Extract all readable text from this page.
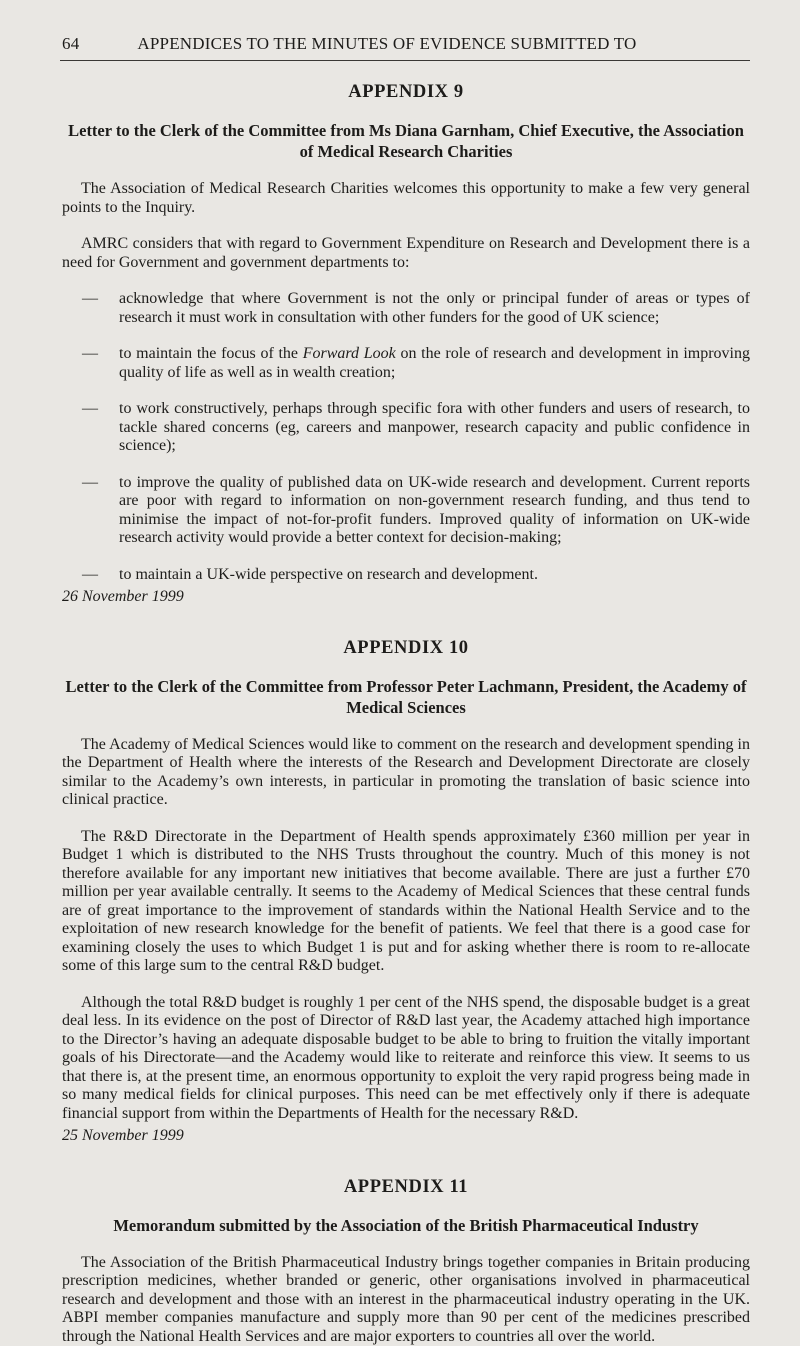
64	APPENDICES TO THE MINUTES OF EVIDENCE SUBMITTED TO
APPENDIX 9
Letter to the Clerk of the Committee from Ms Diana Garnham, Chief Executive, the Association of Medical Research Charities

The Association of Medical Research Charities welcomes this opportunity to make a few very general points to the Inquiry.

AMRC considers that with regard to Government Expenditure on Research and Development there is a need for Government and government departments to:

— acknowledge that where Government is not the only or principal funder of areas or types of research it must work in consultation with other funders for the good of UK science;
— to maintain the focus of the Forward Look on the role of research and development in improving quality of life as well as in wealth creation;
— to work constructively, perhaps through specific fora with other funders and users of research, to tackle shared concerns (eg, careers and manpower, research capacity and public confidence in science);
— to improve the quality of published data on UK-wide research and development. Current reports are poor with regard to information on non-government research funding, and thus tend to minimise the impact of not-for-profit funders. Improved quality of information on UK-wide research activity would provide a better context for decision-making;
— to maintain a UK-wide perspective on research and development.
26 November 1999
APPENDIX 10
Letter to the Clerk of the Committee from Professor Peter Lachmann, President, the Academy of Medical Sciences

The Academy of Medical Sciences would like to comment on the research and development spending in the Department of Health where the interests of the Research and Development Directorate are closely similar to the Academy’s own interests, in particular in promoting the translation of basic science into clinical practice.

The R&D Directorate in the Department of Health spends approximately £360 million per year in Budget 1 which is distributed to the NHS Trusts throughout the country. Much of this money is not therefore available for any important new initiatives that become available. There are just a further £70 million per year available centrally. It seems to the Academy of Medical Sciences that these central funds are of great importance to the improvement of standards within the National Health Service and to the exploitation of new research knowledge for the benefit of patients. We feel that there is a good case for examining closely the uses to which Budget 1 is put and for asking whether there is room to re-allocate some of this large sum to the central R&D budget.

Although the total R&D budget is roughly 1 per cent of the NHS spend, the disposable budget is a great deal less. In its evidence on the post of Director of R&D last year, the Academy attached high importance to the Director’s having an adequate disposable budget to be able to bring to fruition the vitally important goals of his Directorate—and the Academy would like to reiterate and reinforce this view. It seems to us that there is, at the present time, an enormous opportunity to exploit the very rapid progress being made in so many medical fields for clinical purposes. This need can be met effectively only if there is adequate financial support from within the Departments of Health for the necessary R&D.

25 November 1999
APPENDIX 11
Memorandum submitted by the Association of the British Pharmaceutical Industry

The Association of the British Pharmaceutical Industry brings together companies in Britain producing prescription medicines, whether branded or generic, other organisations involved in pharmaceutical research and development and those with an interest in the pharmaceutical industry operating in the UK. ABPI member companies manufacture and supply more than 90 per cent of the medicines prescribed through the National Health Services and are major exporters to countries all over the world.
